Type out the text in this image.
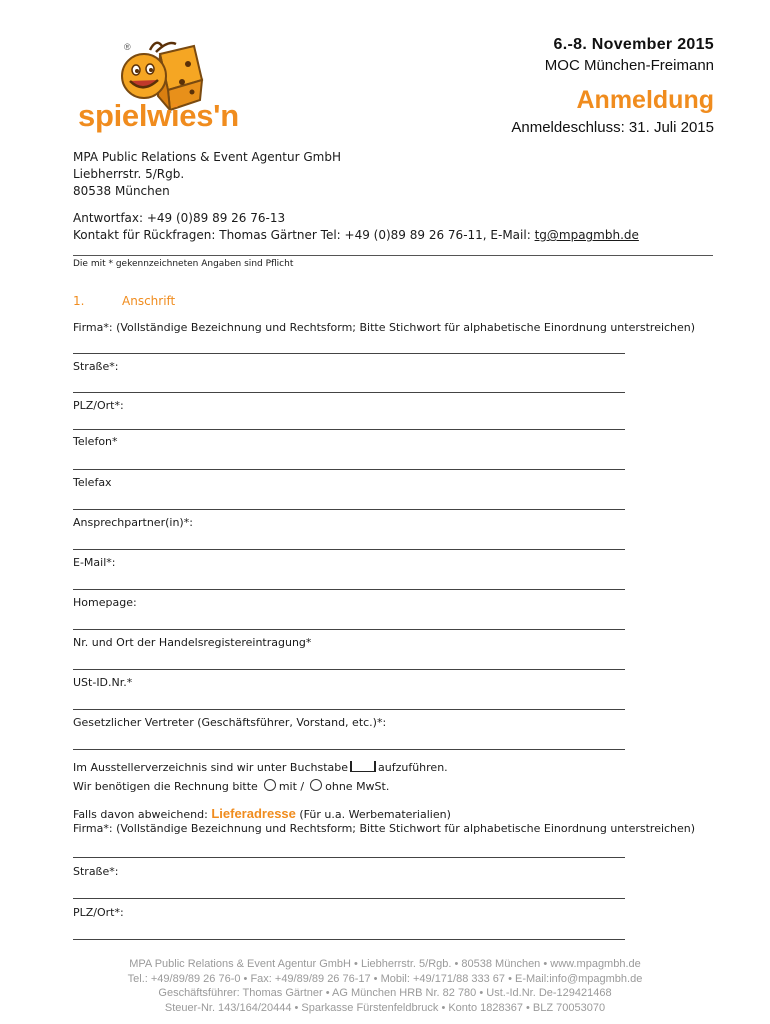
®
spielwies'n
6.-8. November 2015
MOC München-Freimann
Anmeldung
Anmeldeschluss: 31. Juli 2015
MPA Public Relations & Event Agentur GmbH
Liebherrstr. 5/Rgb.
80538 München
Antwortfax: +49 (0)89 89 26 76-13
Kontakt für Rückfragen: Thomas Gärtner Tel: +49 (0)89 89 26 76-11, E-Mail: tg@mpagmbh.de
Die mit * gekennzeichneten Angaben sind Pflicht
1.	Anschrift
Firma*: (Vollständige Bezeichnung und Rechtsform; Bitte Stichwort für alphabetische Einordnung unterstreichen)
Straße*:
PLZ/Ort*:
Telefon*
Telefax
Ansprechpartner(in)*:
E-Mail*:
Homepage:
Nr. und Ort der Handelsregistereintragung*
USt-ID.Nr.*
Gesetzlicher Vertreter (Geschäftsführer, Vorstand, etc.)*:
Im Ausstellerverzeichnis sind wir unter Buchstabe	aufzuführen.
Wir benötigen die Rechnung bitte mit / ohne MwSt.
Falls davon abweichend: Lieferadresse (Für u.a. Werbematerialien)
Firma*: (Vollständige Bezeichnung und Rechtsform; Bitte Stichwort für alphabetische Einordnung unterstreichen)
Straße*:
PLZ/Ort*:
MPA Public Relations & Event Agentur GmbH • Liebherrstr. 5/Rgb. • 80538 München • www.mpagmbh.de
Tel.: +49/89/89 26 76-0 • Fax: +49/89/89 26 76-17 • Mobil: +49/171/88 333 67 • E-Mail:info@mpagmbh.de
Geschäftsführer: Thomas Gärtner • AG München HRB Nr. 82 780 • Ust.-Id.Nr. De-129421468
Steuer-Nr. 143/164/20444 • Sparkasse Fürstenfeldbruck • Konto 1828367 • BLZ 70053070
